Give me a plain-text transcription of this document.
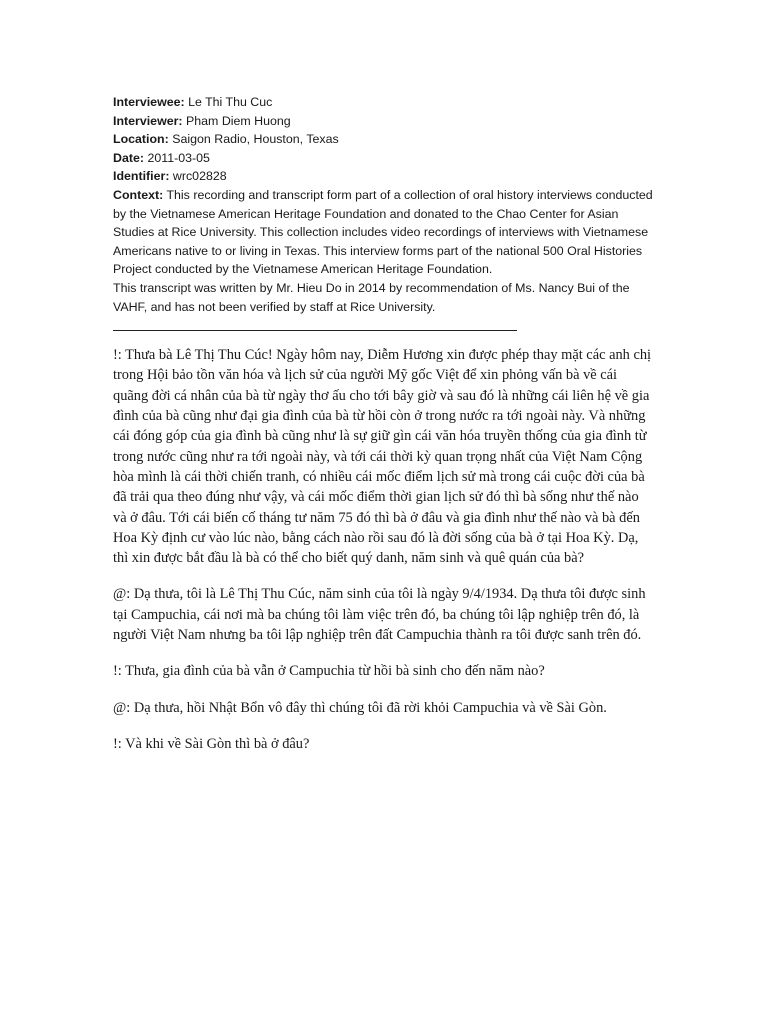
Interviewee: Le Thi Thu Cuc
Interviewer: Pham Diem Huong
Location: Saigon Radio, Houston, Texas
Date: 2011-03-05
Identifier: wrc02828
Context: This recording and transcript form part of a collection of oral history interviews conducted by the Vietnamese American Heritage Foundation and donated to the Chao Center for Asian Studies at Rice University. This collection includes video recordings of interviews with Vietnamese Americans native to or living in Texas. This interview forms part of the national 500 Oral Histories Project conducted by the Vietnamese American Heritage Foundation.
This transcript was written by Mr. Hieu Do in 2014 by recommendation of Ms. Nancy Bui of the VAHF, and has not been verified by staff at Rice University.

!: Thưa bà Lê Thị Thu Cúc! Ngày hôm nay, Diễm Hương xin được phép thay mặt các anh chị trong Hội bảo tồn văn hóa và lịch sử của người Mỹ gốc Việt để xin phỏng vấn bà về cái quãng đời cá nhân của bà từ ngày thơ ấu cho tới bây giờ và sau đó là những cái liên hệ về gia đình của bà cũng như đại gia đình của bà từ hồi còn ở trong nước ra tới ngoài này. Và những cái đóng góp của gia đình bà cũng như là sự giữ gìn cái văn hóa truyền thống của gia đình từ trong nước cũng như ra tới ngoài này, và tới cái thời kỳ quan trọng nhất của Việt Nam Cộng hòa mình là cái thời chiến tranh, có nhiều cái mốc điểm lịch sử mà trong cái cuộc đời của bà đã trải qua theo đúng như vậy, và cái mốc điểm thời gian lịch sử đó thì bà sống như thế nào và ở đâu. Tới cái biến cố tháng tư năm 75 đó thì bà ở đâu và gia đình như thế nào và bà đến Hoa Kỳ định cư vào lúc nào, bằng cách nào rồi sau đó là đời sống của bà ở tại Hoa Kỳ. Dạ, thì xin được bắt đầu là bà có thể cho biết quý danh, năm sinh và quê quán của bà?

@: Dạ thưa, tôi là Lê Thị Thu Cúc, năm sinh của tôi là ngày 9/4/1934. Dạ thưa tôi được sinh tại Campuchia, cái nơi mà ba chúng tôi làm việc trên đó, ba chúng tôi lập nghiệp trên đó, là người Việt Nam nhưng ba tôi lập nghiệp trên đất Campuchia thành ra tôi được sanh trên đó.

!: Thưa, gia đình của bà vẫn ở Campuchia từ hồi bà sinh cho đến năm nào?

@: Dạ thưa, hồi Nhật Bổn vô đây thì chúng tôi đã rời khỏi Campuchia và về Sài Gòn.

!: Và khi về Sài Gòn thì bà ở đâu?
